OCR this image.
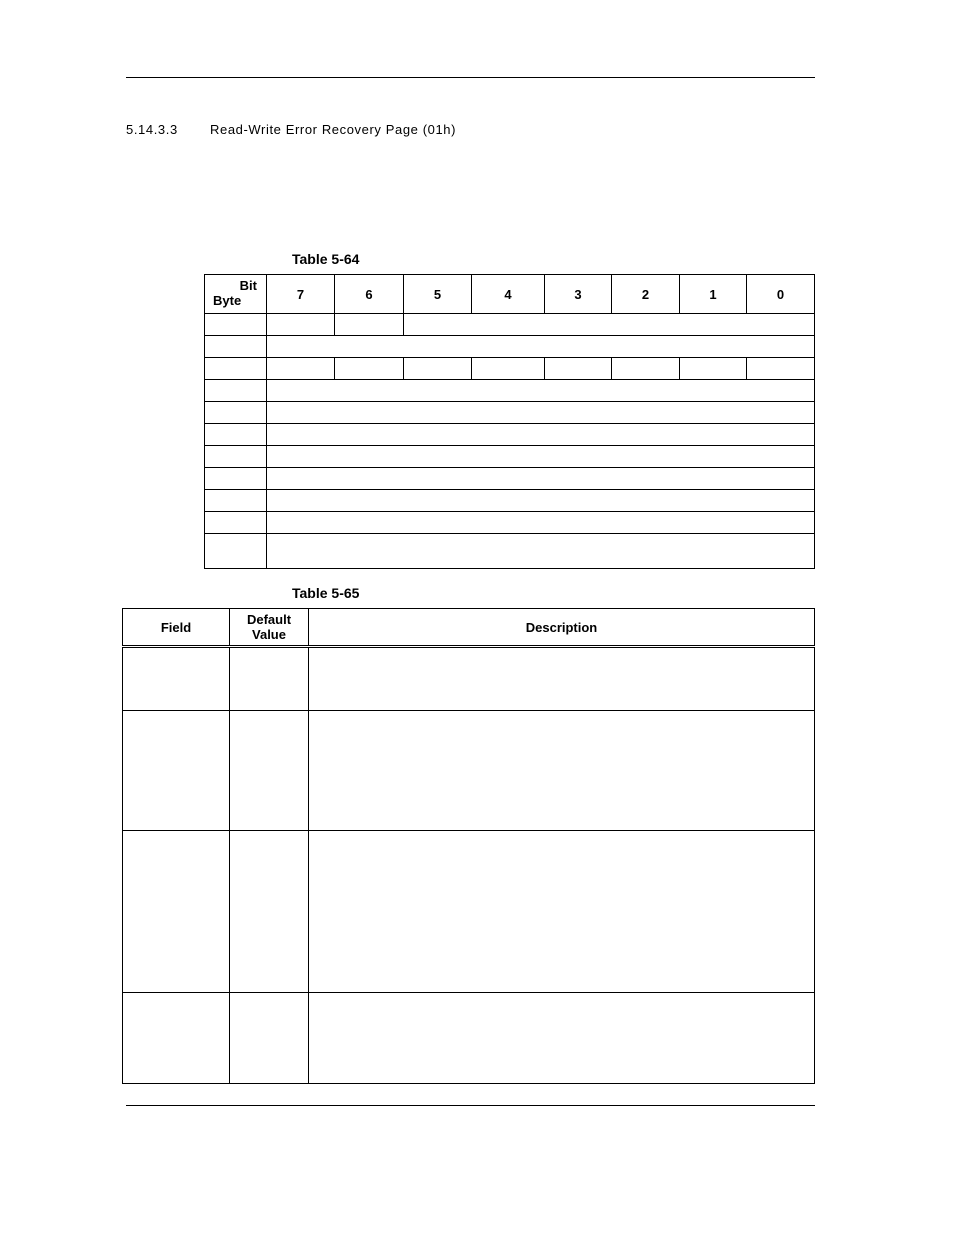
5.14.3.3 Read-Write Error Recovery Page (01h)
Table 5-64
Bit
Byte	7	6	5	4	3	2	1	0

Table 5-65
Field	Default Value	Description
